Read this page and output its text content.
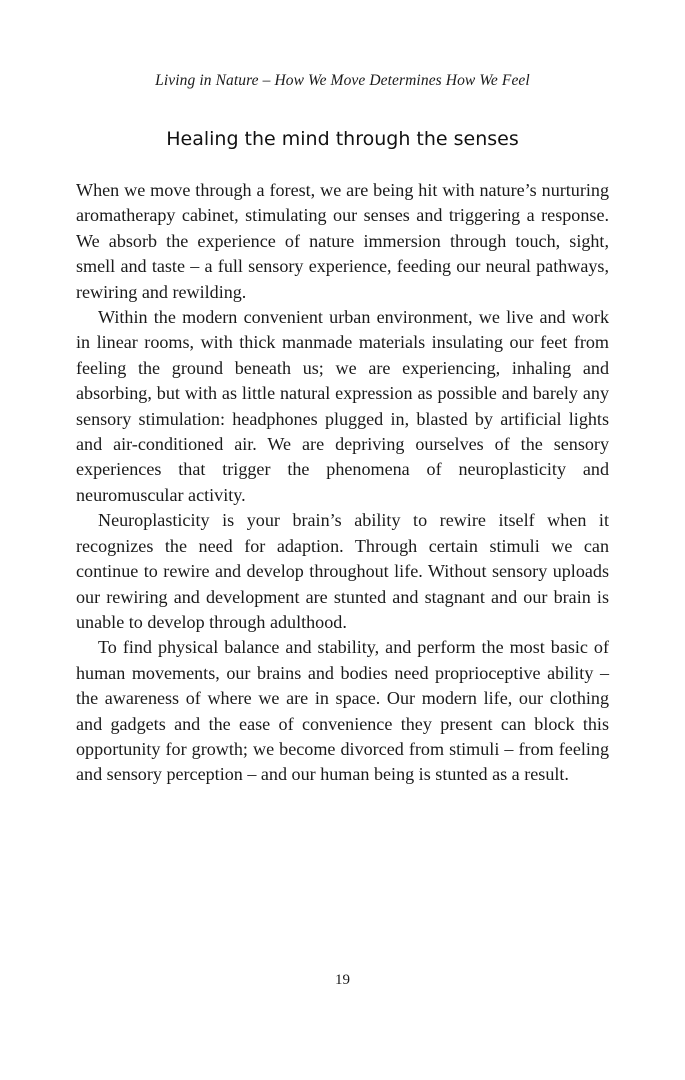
Living in Nature – How We Move Determines How We Feel
Healing the mind through the senses

When we move through a forest, we are being hit with nature’s nurturing aromatherapy cabinet, stimulating our senses and triggering a response. We absorb the experience of nature immersion through touch, sight, smell and taste – a full sensory experience, feeding our neural pathways, rewiring and rewilding.

Within the modern convenient urban environment, we live and work in linear rooms, with thick manmade materials insulating our feet from feeling the ground beneath us; we are experiencing, inhaling and absorbing, but with as little natural expression as possible and barely any sensory stimulation: headphones plugged in, blasted by artificial lights and air-conditioned air. We are depriving ourselves of the sensory experiences that trigger the phenomena of neuroplasticity and neuromuscular activity.

Neuroplasticity is your brain’s ability to rewire itself when it recognizes the need for adaption. Through certain stimuli we can continue to rewire and develop throughout life. Without sensory uploads our rewiring and development are stunted and stagnant and our brain is unable to develop through adulthood.

To find physical balance and stability, and perform the most basic of human movements, our brains and bodies need proprioceptive ability – the awareness of where we are in space. Our modern life, our clothing and gadgets and the ease of convenience they present can block this opportunity for growth; we become divorced from stimuli – from feeling and sensory perception – and our human being is stunted as a result.

19
